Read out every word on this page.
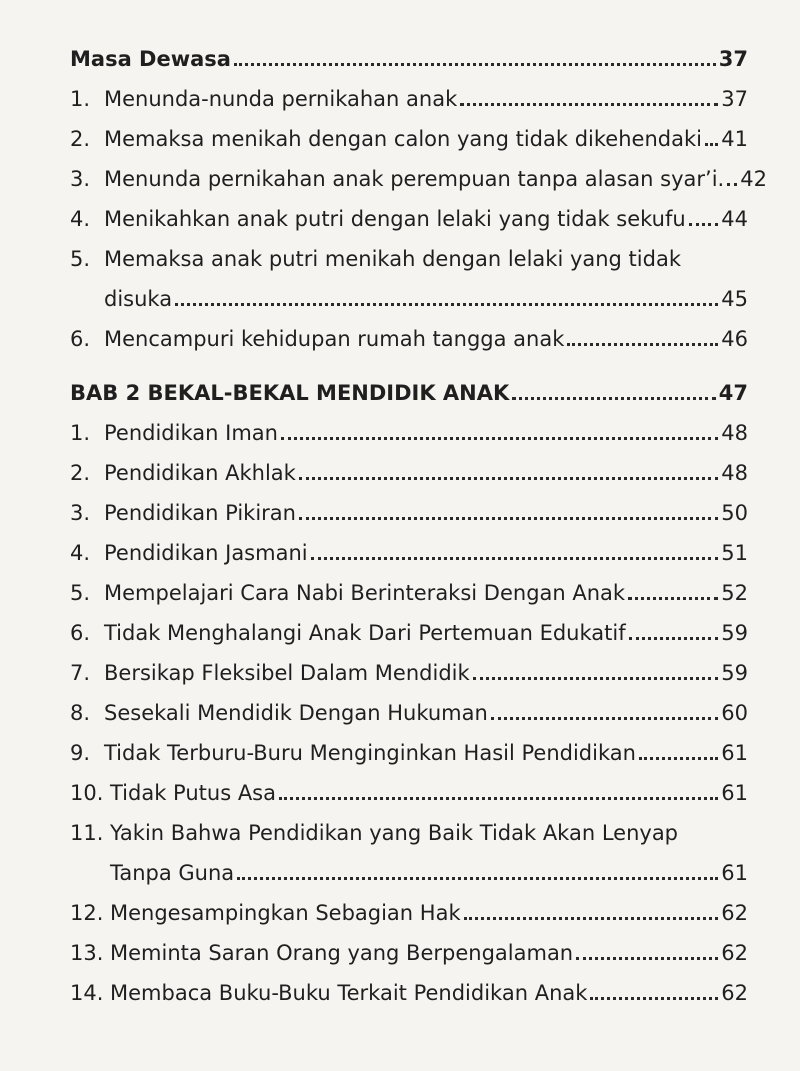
Masa Dewasa	37
1. Menunda-nunda pernikahan anak	37
2. Memaksa menikah dengan calon yang tidak dikehendaki 41
3. Menunda pernikahan anak perempuan tanpa alasan syar’i. 42
4. Menikahkan anak putri dengan lelaki yang tidak sekufu 44
5. Memaksa anak putri menikah dengan lelaki yang tidak
disuka	45
6. Mencampuri kehidupan rumah tangga anak	46
BAB 2 BEKAL-BEKAL MENDIDIK ANAK	47
1. Pendidikan Iman	48
2. Pendidikan Akhlak	48
3. Pendidikan Pikiran	50
4. Pendidikan Jasmani	51
5. Mempelajari Cara Nabi Berinteraksi Dengan Anak	52
6. Tidak Menghalangi Anak Dari Pertemuan Edukatif	59
7. Bersikap Fleksibel Dalam Mendidik	59
8. Sesekali Mendidik Dengan Hukuman	60
9. Tidak Terburu-Buru Menginginkan Hasil Pendidikan	61
10. Tidak Putus Asa	61
11. Yakin Bahwa Pendidikan yang Baik Tidak Akan Lenyap
Tanpa Guna	61
12. Mengesampingkan Sebagian Hak	62
13. Meminta Saran Orang yang Berpengalaman	62
14. Membaca Buku-Buku Terkait Pendidikan Anak	62
